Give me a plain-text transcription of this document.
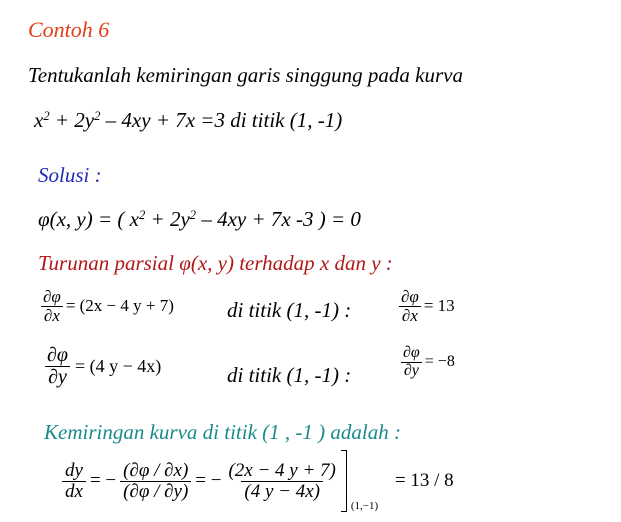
Contoh 6
Tentukanlah kemiringan garis singgung pada kurva
$x^2 + 2y^2 - 4xy + 7x =3$ di titik (1, -1)
Solusi :
φ(x, y) = ( $x^2 + 2y^2 - 4xy + 7x$ -3 ) = 0
Turunan parsial φ(x, y) terhadap x dan y :
$\frac{\partial\varphi}{\partial x} = (2x - 4$ y + 7)	di titik (1, -1) :	$\frac{\partial\varphi}{\partial x} = 13$
$\frac{\partial\varphi}{\partial y} = (4$ y − 4x)	di titik (1, -1) :	$\frac{\partial\varphi}{\partial y} = -8$
Kemiringan kurva di titik (1 , -1 ) adalah :
$\frac{dy}{dx}$ = − $\frac{(\partial\varphi / \partial x)}{(\partial\varphi / \partial y)}$ = − $\frac{(2x - 4 y + 7)}{(4 y - 4x)}$
(1,−1)
= 13 / 8
